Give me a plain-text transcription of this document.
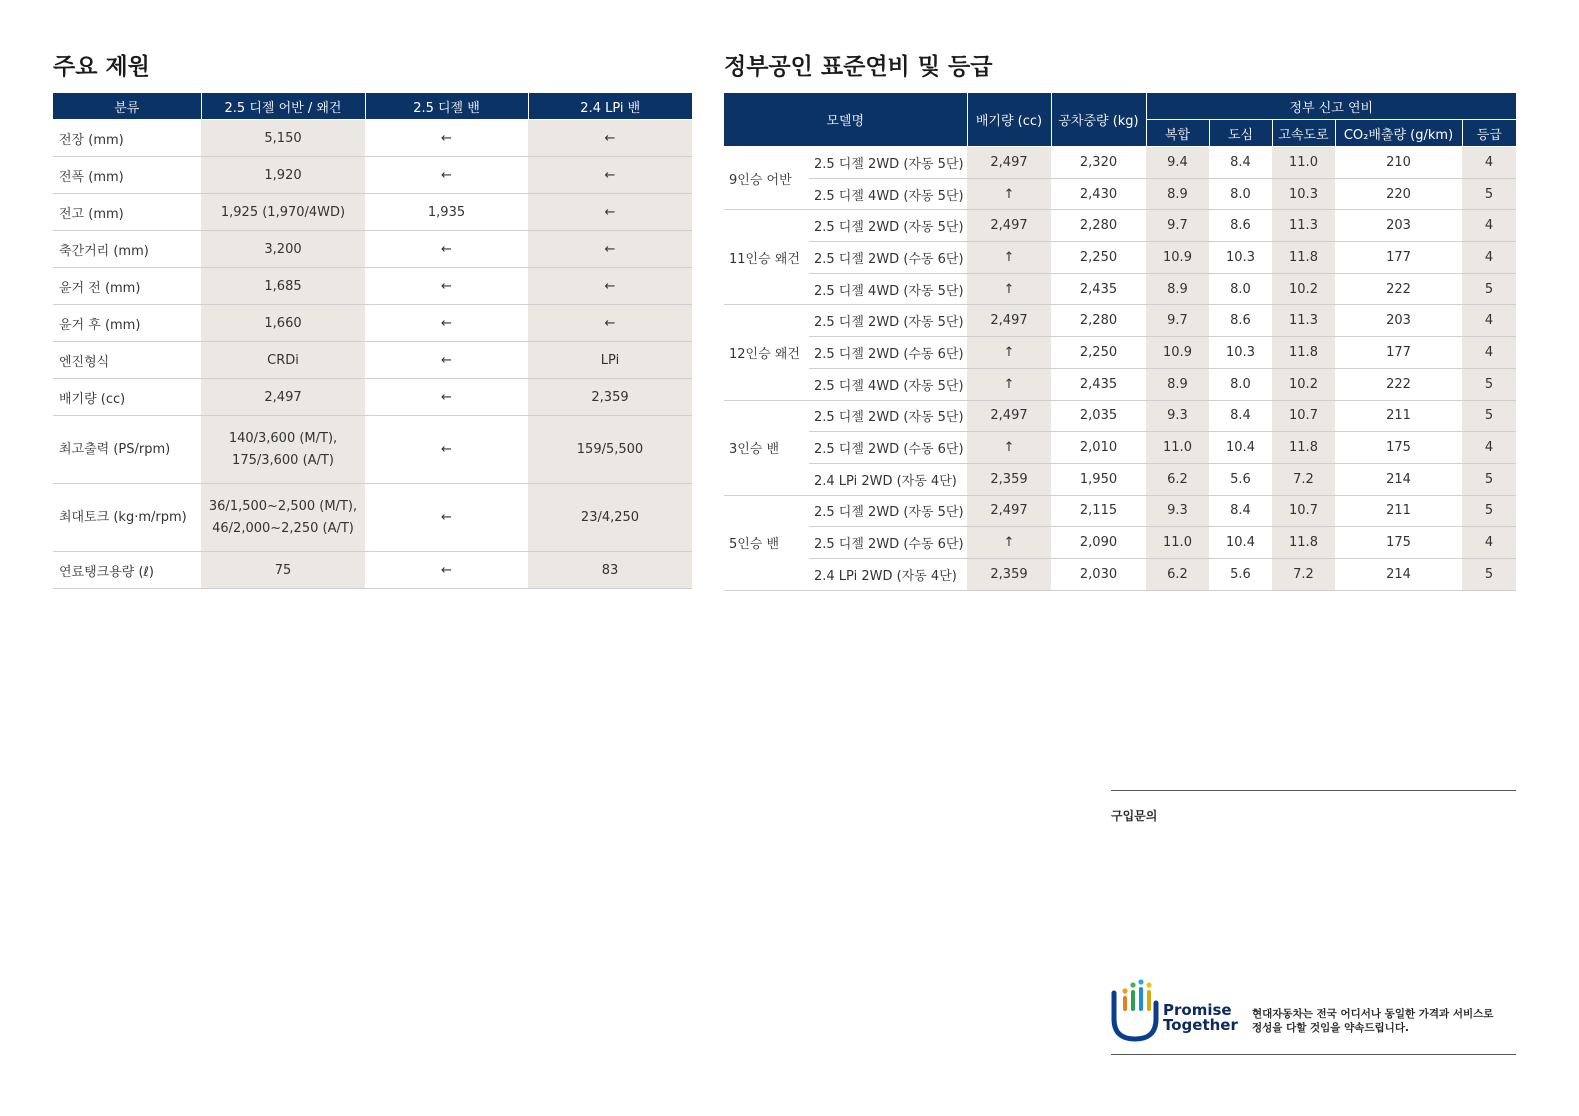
주요 제원
분류	2.5 디젤 어반 / 왜건	2.5 디젤 밴	2.4 LPi 밴
전장 (mm)	5,150	←	←
전폭 (mm)	1,920	←	←
전고 (mm)	1,925 (1,970/4WD)	1,935	←
축간거리 (mm)	3,200	←	←
윤거 전 (mm)	1,685	←	←
윤거 후 (mm)	1,660	←	←
엔진형식	CRDi	←	LPi
배기량 (cc)	2,497	←	2,359
최고출력 (PS/rpm)	140/3,600 (M/T),
175/3,600 (A/T)	←	159/5,500
최대토크 (kg·m/rpm)	36/1,500~2,500 (M/T),
46/2,000~2,250 (A/T)	←	23/4,250
연료탱크용량 (ℓ)	75	←	83
정부공인 표준연비 및 등급
모델명		배기량 (cc)	공차중량 (kg)	정부 신고 연비				
				복합	도심	고속도로	CO₂배출량 (g/km)	등급
9인승 어반	2.5 디젤 2WD (자동 5단)	2,497	2,320	9.4	8.4	11.0	210	4
	2.5 디젤 4WD (자동 5단)	↑	2,430	8.9	8.0	10.3	220	5
11인승 왜건	2.5 디젤 2WD (자동 5단)	2,497	2,280	9.7	8.6	11.3	203	4
	2.5 디젤 2WD (수동 6단)	↑	2,250	10.9	10.3	11.8	177	4
	2.5 디젤 4WD (자동 5단)	↑	2,435	8.9	8.0	10.2	222	5
12인승 왜건	2.5 디젤 2WD (자동 5단)	2,497	2,280	9.7	8.6	11.3	203	4
	2.5 디젤 2WD (수동 6단)	↑	2,250	10.9	10.3	11.8	177	4
	2.5 디젤 4WD (자동 5단)	↑	2,435	8.9	8.0	10.2	222	5
3인승 밴	2.5 디젤 2WD (자동 5단)	2,497	2,035	9.3	8.4	10.7	211	5
	2.5 디젤 2WD (수동 6단)	↑	2,010	11.0	10.4	11.8	175	4
	2.4 LPi 2WD (자동 4단)	2,359	1,950	6.2	5.6	7.2	214	5
5인승 밴	2.5 디젤 2WD (자동 5단)	2,497	2,115	9.3	8.4	10.7	211	5
	2.5 디젤 2WD (수동 6단)	↑	2,090	11.0	10.4	11.8	175	4
	2.4 LPi 2WD (자동 4단)	2,359	2,030	6.2	5.6	7.2	214	5
구입문의
Promise
Together
현대자동차는 전국 어디서나 동일한 가격과 서비스로
정성을 다할 것임을 약속드립니다.
